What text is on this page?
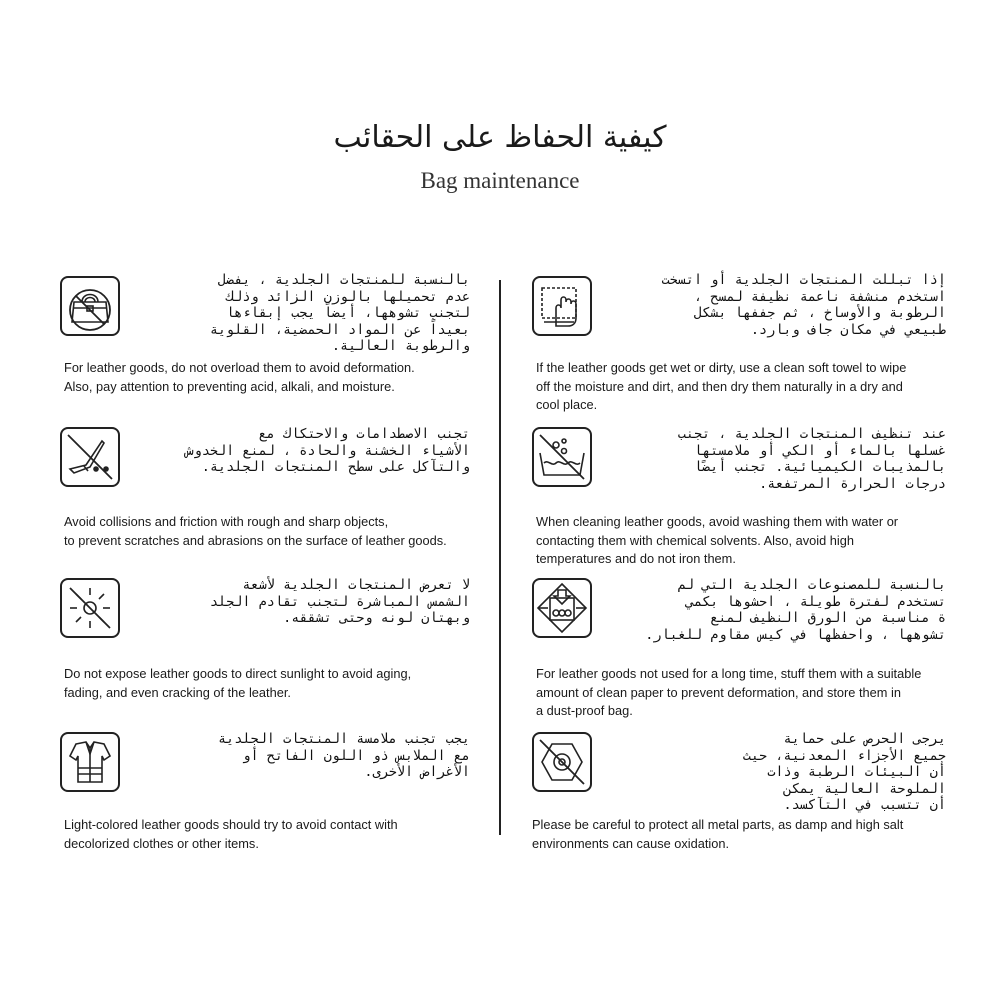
كيفية الحفاظ على الحقائب
Bag maintenance
بالنسبة للمنتجات الجلدية ، يفضل
عدم تحميلها بالوزن الزائد وذلك
لتجنب تشوهها، أيضاً يجب إبقاءها
بعيداً عن المواد الحمضية، القلوية
والرطوبة العالية.
For leather goods, do not overload them to avoid deformation.
Also, pay attention to preventing acid, alkali, and moisture.
تجنب الاصطدامات والاحتكاك مع
الأشياء الخشنة والحادة ، لمنع الخدوش
والتآكل على سطح المنتجات الجلدية.
Avoid collisions and friction with rough and sharp objects,
to prevent scratches and abrasions on the surface of leather goods.
لا تعرض المنتجات الجلدية لأشعة
الشمس المباشرة لتجنب تقادم الجلد
وبهتان لونه وحتى تشققه.
Do not expose leather goods to direct sunlight to avoid aging,
fading, and even cracking of the leather.
يجب تجنب ملامسة المنتجات الجلدية
مع الملابس ذو اللون الفاتح أو
الأغراض الأخرى.
Light-colored leather goods should try to avoid contact with
decolorized clothes or other items.
إذا تبللت المنتجات الجلدية أو اتسخت
استخدم منشفة ناعمة نظيفة لمسح ،
الرطوبة والأوساخ ، ثم جففها بشكل
طبيعي في مكان جاف وبارد.
If the leather goods get wet or dirty, use a clean soft towel to wipe
off the moisture and dirt, and then dry them naturally in a dry and
cool place.
عند تنظيف المنتجات الجلدية ، تجنب
غسلها بالماء أو الكي أو ملامستها
بالمذيبات الكيميائية. تجنب أيضًا
درجات الحرارة المرتفعة.
When cleaning leather goods, avoid washing them with water or
contacting them with chemical solvents. Also, avoid high
temperatures and do not iron them.
بالنسبة للمصنوعات الجلدية التي لم
تستخدم لفترة طويلة ، احشوها بكمي
ة مناسبة من الورق النظيف لمنع
تشوهها ، واحفظها في كيس مقاوم للغبار.
For leather goods not used for a long time, stuff them with a suitable
amount of clean paper to prevent deformation, and store them in
a dust-proof bag.
يرجى الحرص على حماية
جميع الأجزاء المعدنية، حيث
أن البيئات الرطبة وذات
الملوحة العالية يمكن
أن تتسبب في التآكسد.
Please be careful to protect all metal parts, as damp and high salt
environments can cause oxidation.
